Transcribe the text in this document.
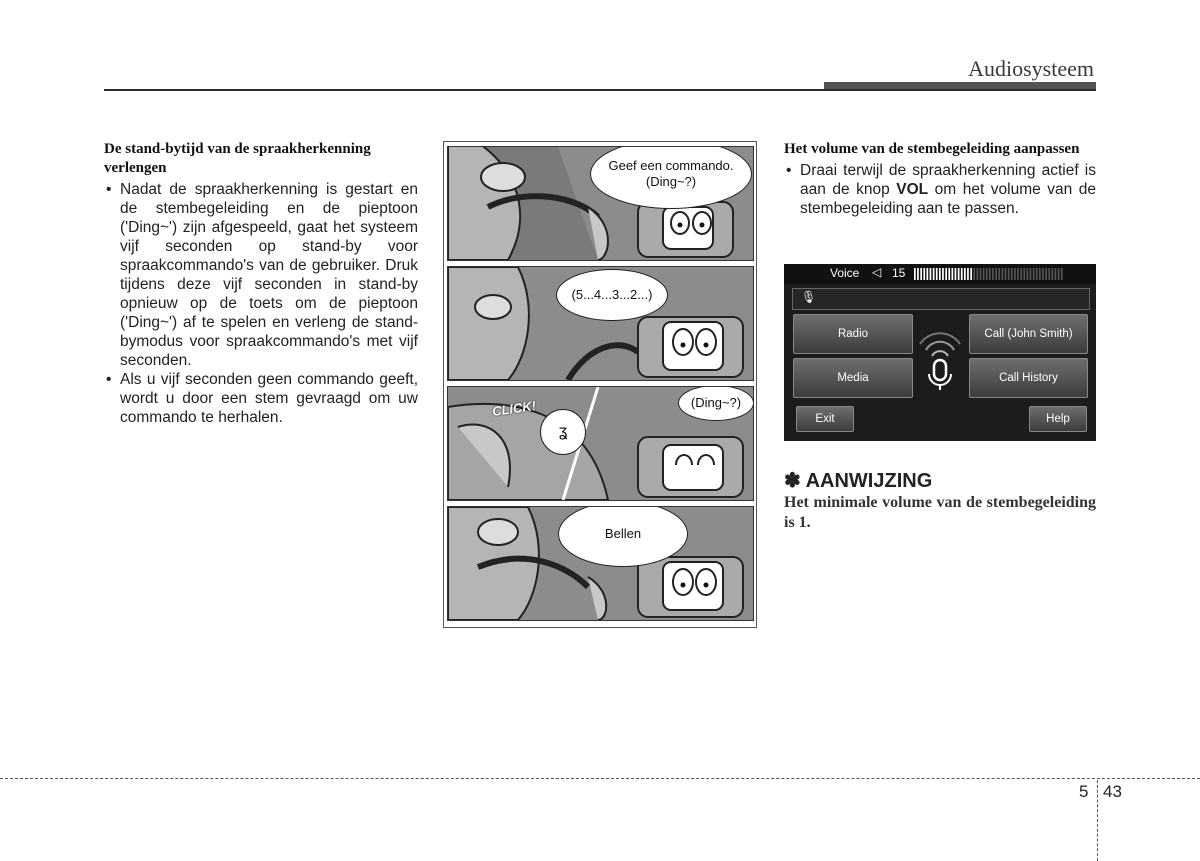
Audiosysteem
De stand-bytijd van de spraakherkenning verlengen
• Nadat de spraakherkenning is gestart en de stembegeleiding en de pieptoon ('Ding~') zijn afgespeeld, gaat het systeem vijf seconden op stand-by voor spraakcommando's van de gebruiker. Druk tijdens deze vijf seconden in stand-by opnieuw op de toets om de pieptoon ('Ding~') af te spelen en verleng de stand-bymodus voor spraakcommando's met vijf seconden.
• Als u vijf seconden geen commando geeft, wordt u door een stem gevraagd om uw commando te herhalen.
Geef een commando.
(Ding~?)
(5...4...3...2...)
CLICK!
ʓ
(Ding~?)
Bellen
Het volume van de stembegeleiding aanpassen
• Draai terwijl de spraakherkenning actief is aan de knop VOL om het volume van de stembegeleiding aan te passen.
Voice ◁ 15
🎙
Radio
Media
Call (John Smith)
Call History
Exit	Help
✽ AANWIJZING
Het minimale volume van de stembegeleiding is 1.
5 43
